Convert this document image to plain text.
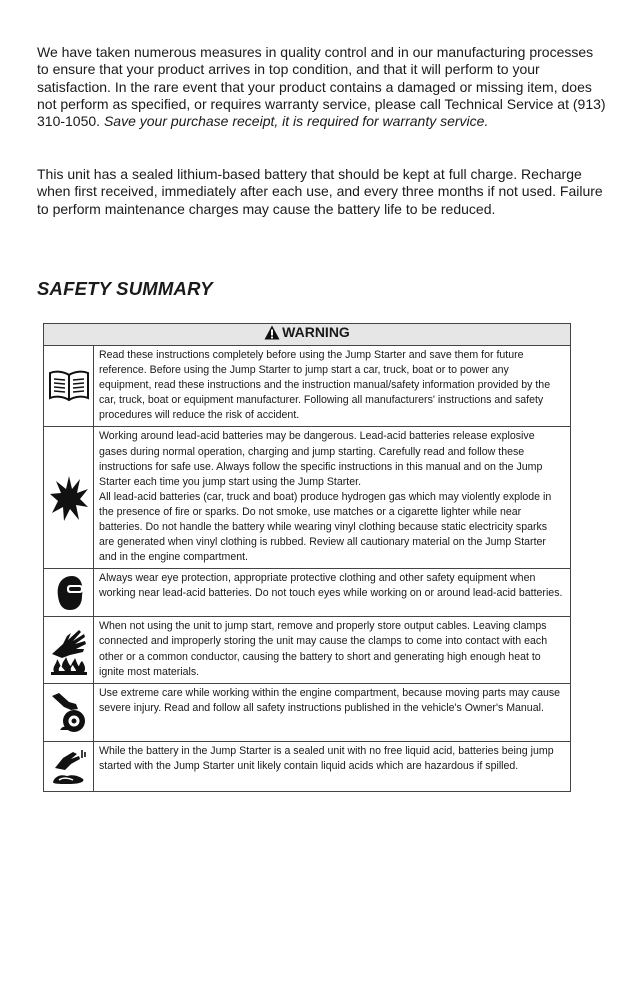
We have taken numerous measures in quality control and in our manufacturing processes to ensure that your product arrives in top condition, and that it will perform to your satisfaction. In the rare event that your product contains a damaged or missing item, does not perform as specified, or requires warranty service, please call Technical Service at (913) 310-1050. Save your purchase receipt, it is required for warranty service.

This unit has a sealed lithium-based battery that should be kept at full charge. Recharge when first received, immediately after each use, and every three months if not used. Failure to perform maintenance charges may cause the battery life to be reduced.

SAFETY SUMMARY
WARNING	

	Read these instructions completely before using the Jump Starter and save them for future reference. Before using the Jump Starter to jump start a car, truck, boat or to power any equipment, read these instructions and the instruction manual/safety information provided by the car, truck, boat or equipment manufacturer. Following all manufacturers' instructions and safety procedures will reduce the risk of accident.

Working around lead-acid batteries may be dangerous. Lead-acid batteries release explosive gases during normal operation, charging and jump starting. Carefully read and follow these instructions for safe use. Always follow the specific instructions in this manual and on the Jump Starter each time you jump start using the Jump Starter.
All lead-acid batteries (car, truck and boat) produce hydrogen gas which may violently explode in the presence of fire or sparks. Do not smoke, use matches or a cigarette lighter while near batteries. Do not handle the battery while wearing vinyl clothing because static electricity sparks are generated when vinyl clothing is rubbed. Review all cautionary material on the Jump Starter and in the engine compartment.

	Always wear eye protection, appropriate protective clothing and other safety equipment when working near lead-acid batteries. Do not touch eyes while working on or around lead-acid batteries.

	When not using the unit to jump start, remove and properly store output cables. Leaving clamps connected and improperly storing the unit may cause the clamps to come into contact with each other or a common conductor, causing the battery to short and generating high enough heat to ignite most materials.

	Use extreme care while working within the engine compartment, because moving parts may cause severe injury. Read and follow all safety instructions published in the vehicle's Owner's Manual.

	While the battery in the Jump Starter is a sealed unit with no free liquid acid, batteries being jump started with the Jump Starter unit likely contain liquid acids which are hazardous if spilled.
